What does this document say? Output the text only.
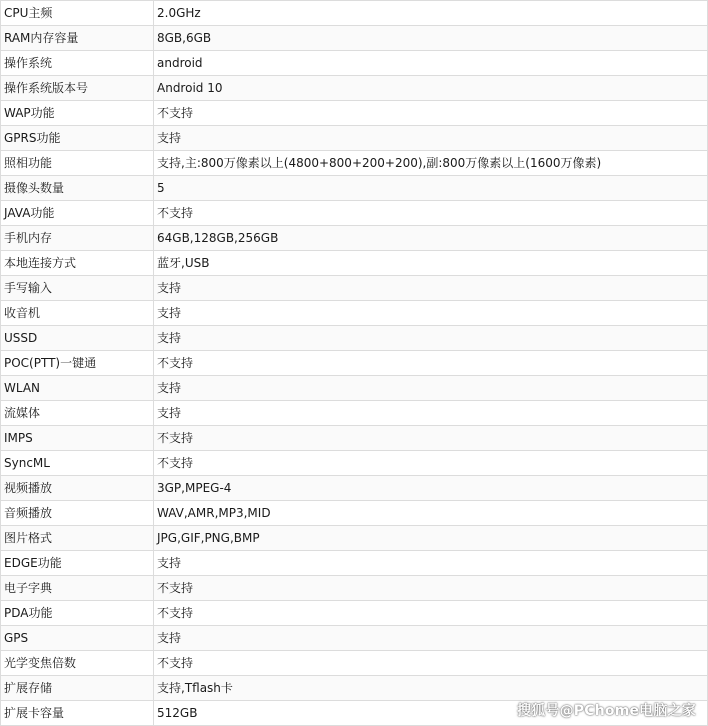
CPU主频	2.0GHz
RAM内存容量	8GB,6GB
操作系统	android
操作系统版本号	Android 10
WAP功能	不支持
GPRS功能	支持
照相功能	支持,主:800万像素以上(4800+800+200+200),副:800万像素以上(1600万像素)
摄像头数量	5
JAVA功能	不支持
手机内存	64GB,128GB,256GB
本地连接方式	蓝牙,USB
手写输入	支持
收音机	支持
USSD	支持
POC(PTT)一键通	不支持
WLAN	支持
流媒体	支持
IMPS	不支持
SyncML	不支持
视频播放	3GP,MPEG-4
音频播放	WAV,AMR,MP3,MID
图片格式	JPG,GIF,PNG,BMP
EDGE功能	支持
电子字典	不支持
PDA功能	不支持
GPS	支持
光学变焦倍数	不支持
扩展存储	支持,Tflash卡
扩展卡容量	512GB	搜狐号@PChome电脑之家
